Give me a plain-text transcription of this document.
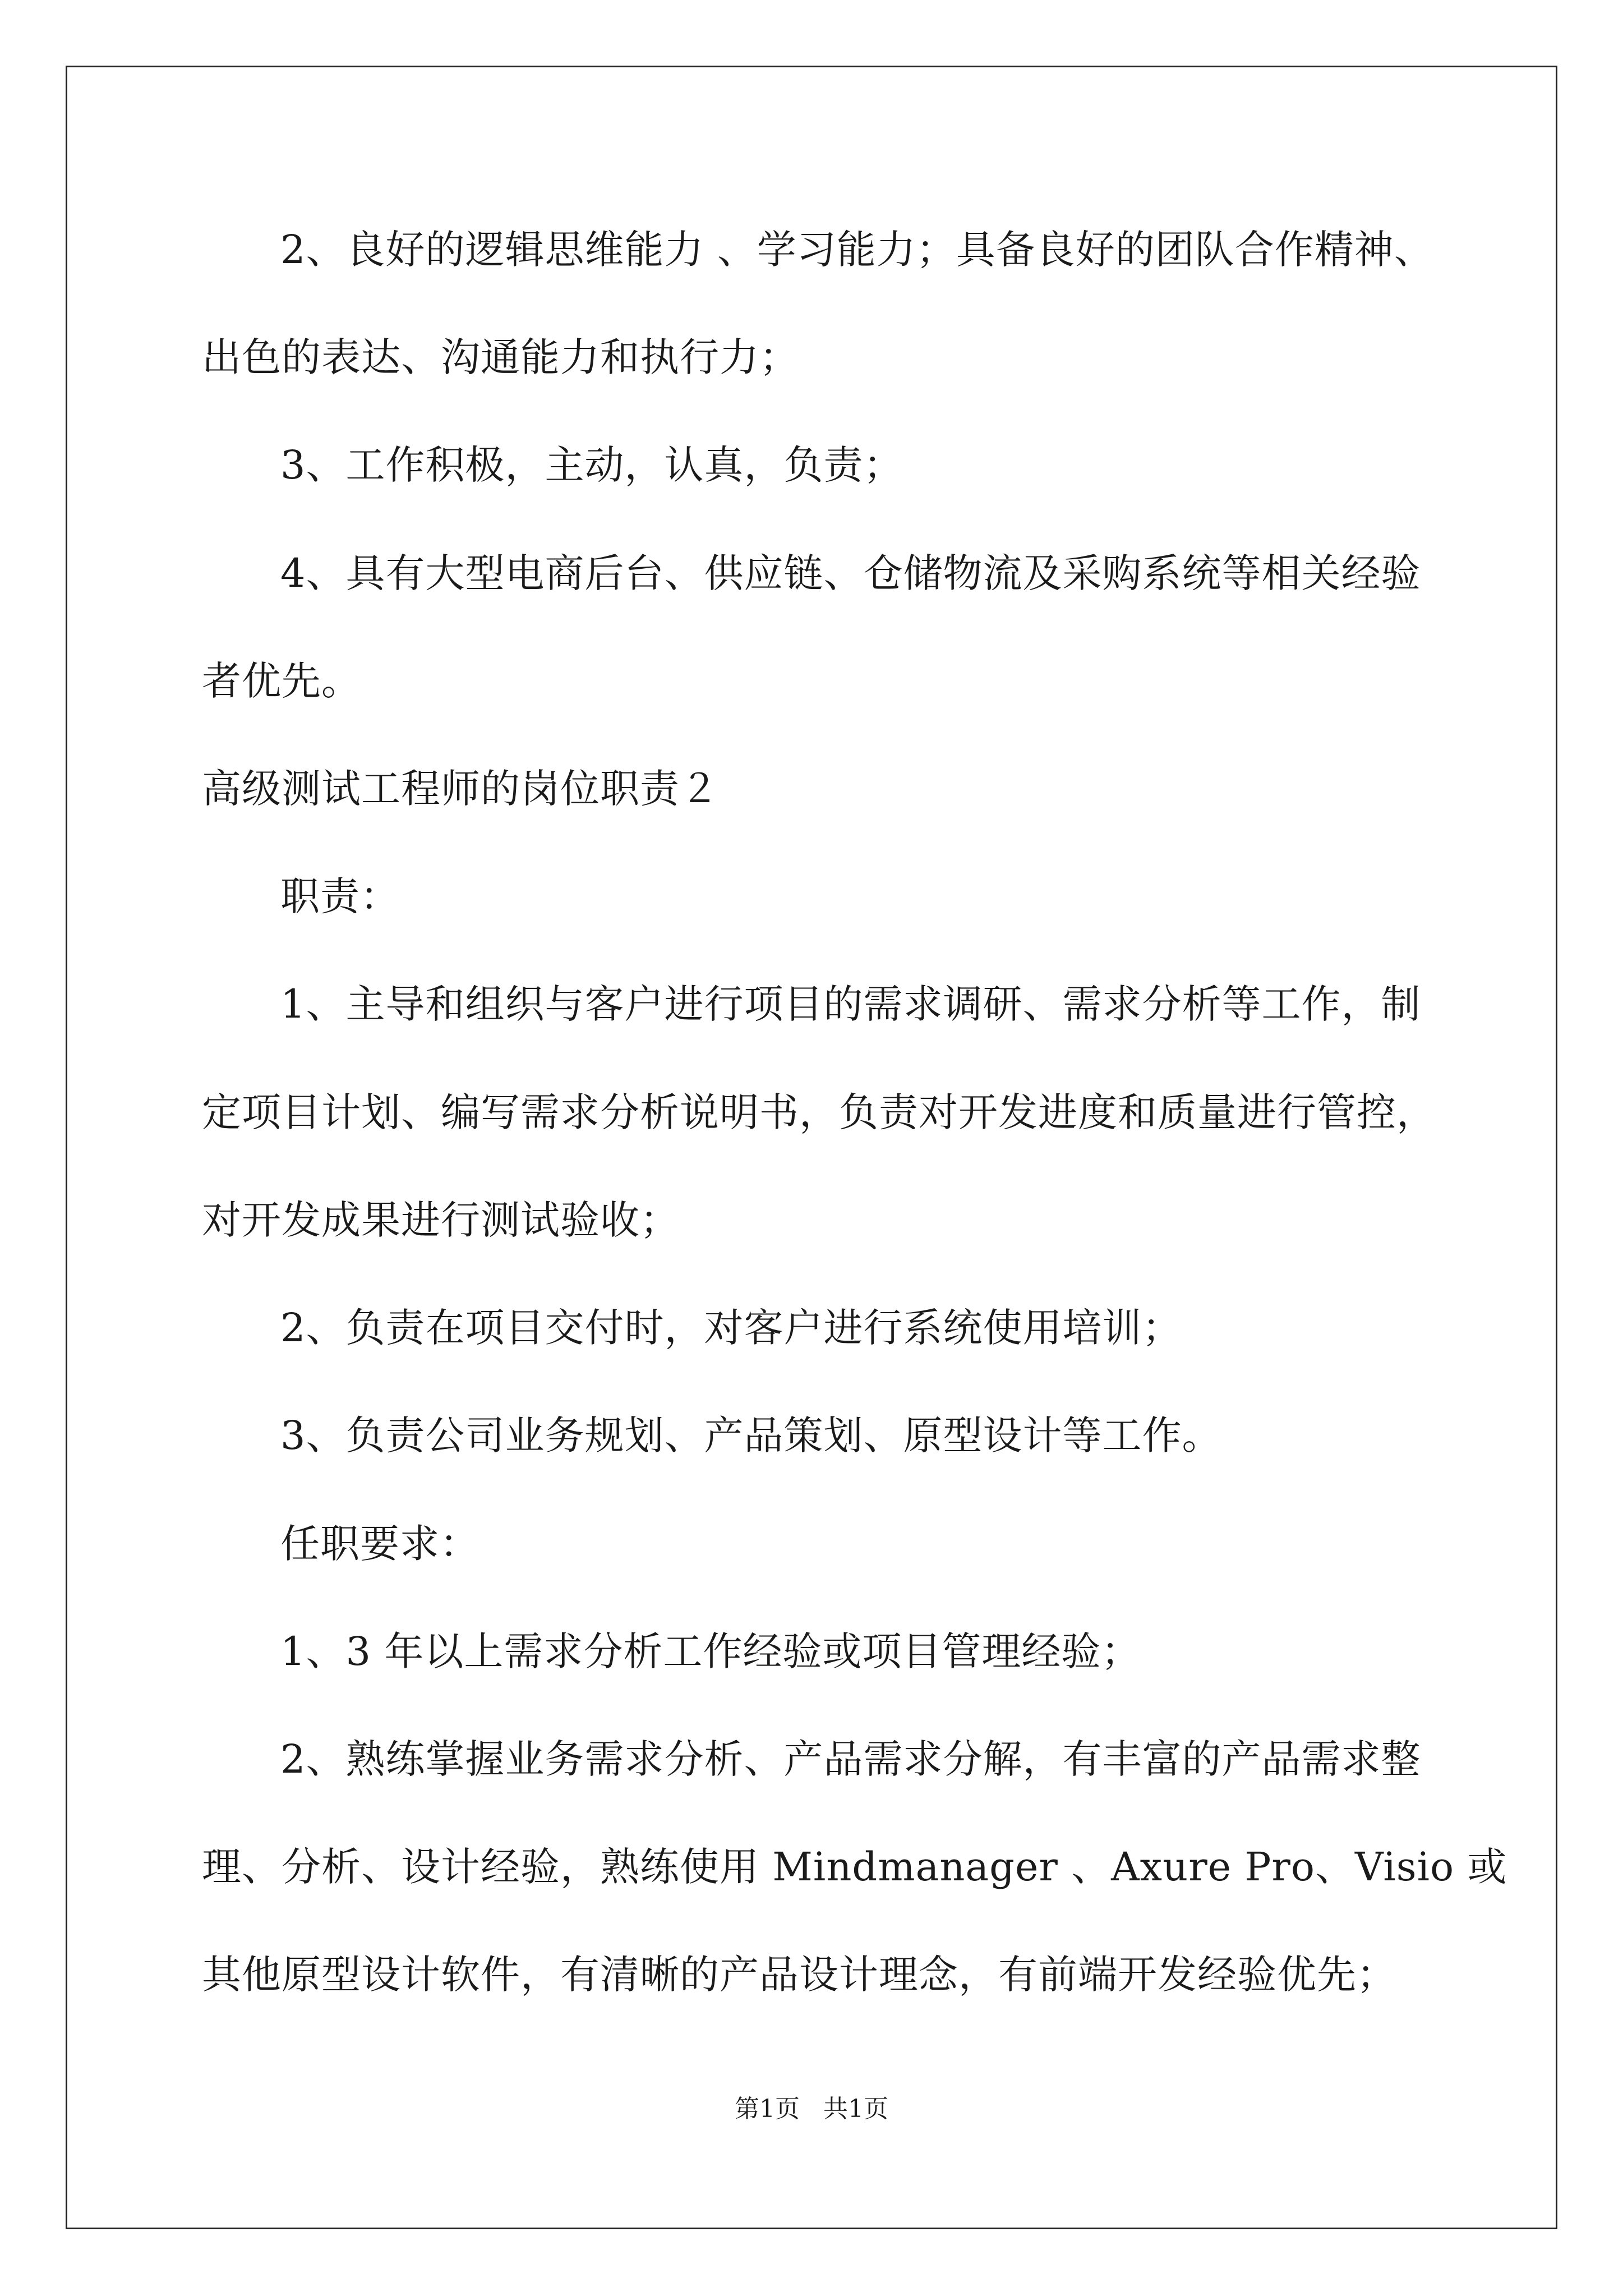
2、良好的逻辑思维能力 、学习能力；具备良好的团队合作精神、
出色的表达、沟通能力和执行力；
3、工作积极，主动，认真，负责；
4、具有大型电商后台、供应链、仓储物流及采购系统等相关经验
者优先。
高级测试工程师的岗位职责２
职责：
1、主导和组织与客户进行项目的需求调研、需求分析等工作，制
定项目计划、编写需求分析说明书，负责对开发进度和质量进行管控，
对开发成果进行测试验收；
2、负责在项目交付时，对客户进行系统使用培训；
3、负责公司业务规划、产品策划、原型设计等工作。
任职要求：
1、3 年以上需求分析工作经验或项目管理经验；
2、熟练掌握业务需求分析、产品需求分解，有丰富的产品需求整
理、分析、设计经验，熟练使用 Mindmanager 、Axure Pro、Visio 或
其他原型设计软件，有清晰的产品设计理念，有前端开发经验优先；
第1页   共1页
